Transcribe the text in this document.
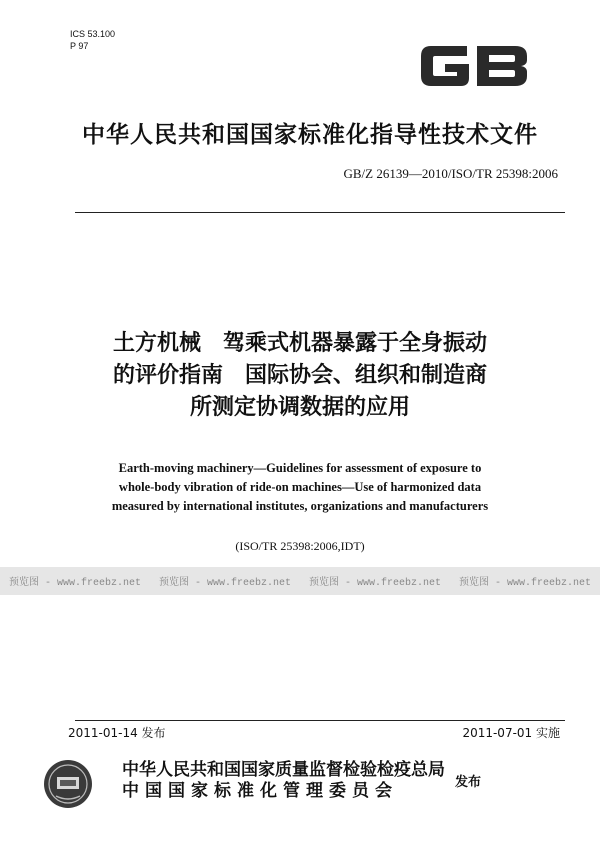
ICS 53.100
P 97
中华人民共和国国家标准化指导性技术文件
GB/Z 26139—2010/ISO/TR 25398:2006
土方机械　驾乘式机器暴露于全身振动
的评价指南　国际协会、组织和制造商
所测定协调数据的应用
Earth-moving machinery—Guidelines for assessment of exposure to
whole-body vibration of ride-on machines—Use of harmonized data
measured by international institutes, organizations and manufacturers
(ISO/TR 25398:2006,IDT)
预览图 - www.freebz.net 预览图 - www.freebz.net 预览图 - www.freebz.net 预览图 - www.freebz.net
2011-01-14 发布	2011-07-01 实施
中华人民共和国国家质量监督检验检疫总局
中国国家标准化管理委员会	发布
